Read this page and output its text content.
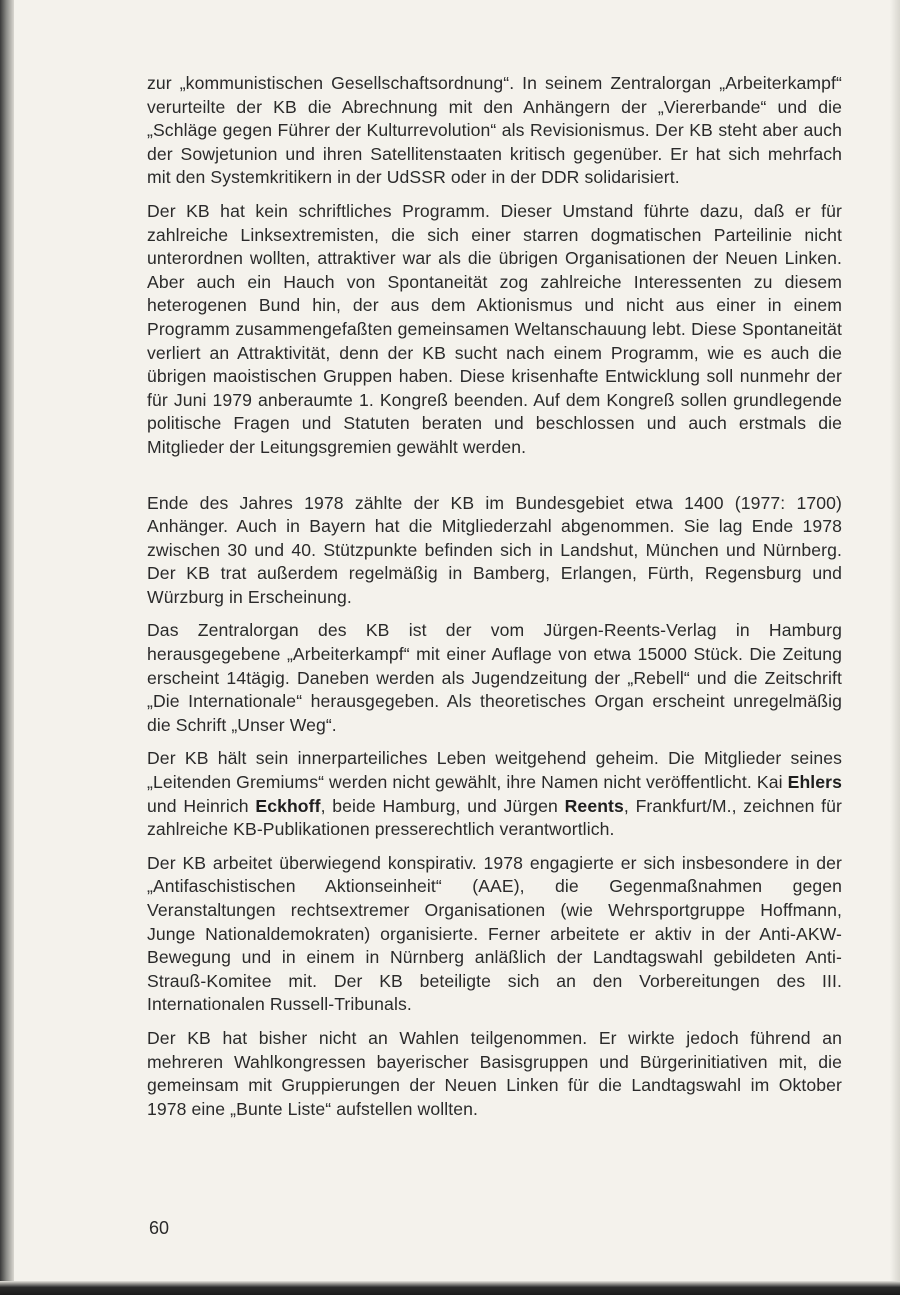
zur „kommunistischen Gesellschaftsordnung“. In seinem Zentralorgan „Arbeiterkampf“ verurteilte der KB die Abrechnung mit den Anhängern der „Viererbande“ und die „Schläge gegen Führer der Kulturrevolution“ als Revisionismus. Der KB steht aber auch der Sowjetunion und ihren Satellitenstaaten kritisch gegenüber. Er hat sich mehrfach mit den Systemkritikern in der UdSSR oder in der DDR solidarisiert.

Der KB hat kein schriftliches Programm. Dieser Umstand führte dazu, daß er für zahlreiche Linksextremisten, die sich einer starren dogmatischen Parteilinie nicht unterordnen wollten, attraktiver war als die übrigen Organisationen der Neuen Linken. Aber auch ein Hauch von Spontaneität zog zahlreiche Interessenten zu diesem heterogenen Bund hin, der aus dem Aktionismus und nicht aus einer in einem Programm zusammengefaßten gemeinsamen Weltanschauung lebt. Diese Spontaneität verliert an Attraktivität, denn der KB sucht nach einem Programm, wie es auch die übrigen maoistischen Gruppen haben. Diese krisenhafte Entwicklung soll nunmehr der für Juni 1979 anberaumte 1. Kongreß beenden. Auf dem Kongreß sollen grundlegende politische Fragen und Statuten beraten und beschlossen und auch erstmals die Mitglieder der Leitungsgremien gewählt werden.

Ende des Jahres 1978 zählte der KB im Bundesgebiet etwa 1400 (1977: 1700) Anhänger. Auch in Bayern hat die Mitgliederzahl abgenommen. Sie lag Ende 1978 zwischen 30 und 40. Stützpunkte befinden sich in Landshut, München und Nürnberg. Der KB trat außerdem regelmäßig in Bamberg, Erlangen, Fürth, Regensburg und Würzburg in Erscheinung.

Das Zentralorgan des KB ist der vom Jürgen-Reents-Verlag in Hamburg herausgegebene „Arbeiterkampf“ mit einer Auflage von etwa 15000 Stück. Die Zeitung erscheint 14tägig. Daneben werden als Jugendzeitung der „Rebell“ und die Zeitschrift „Die Internationale“ herausgegeben. Als theoretisches Organ erscheint unregelmäßig die Schrift „Unser Weg“.

Der KB hält sein innerparteiliches Leben weitgehend geheim. Die Mitglieder seines „Leitenden Gremiums“ werden nicht gewählt, ihre Namen nicht veröffentlicht. Kai Ehlers und Heinrich Eckhoff, beide Hamburg, und Jürgen Reents, Frankfurt/M., zeichnen für zahlreiche KB-Publikationen presserechtlich verantwortlich.

Der KB arbeitet überwiegend konspirativ. 1978 engagierte er sich insbesondere in der „Antifaschistischen Aktionseinheit“ (AAE), die Gegenmaßnahmen gegen Veranstaltungen rechtsextremer Organisationen (wie Wehrsportgruppe Hoffmann, Junge Nationaldemokraten) organisierte. Ferner arbeitete er aktiv in der Anti-AKW-Bewegung und in einem in Nürnberg anläßlich der Landtagswahl gebildeten Anti-Strauß-Komitee mit. Der KB beteiligte sich an den Vorbereitungen des III. Internationalen Russell-Tribunals.

Der KB hat bisher nicht an Wahlen teilgenommen. Er wirkte jedoch führend an mehreren Wahlkongressen bayerischer Basisgruppen und Bürgerinitiativen mit, die gemeinsam mit Gruppierungen der Neuen Linken für die Landtagswahl im Oktober 1978 eine „Bunte Liste“ aufstellen wollten.

60
